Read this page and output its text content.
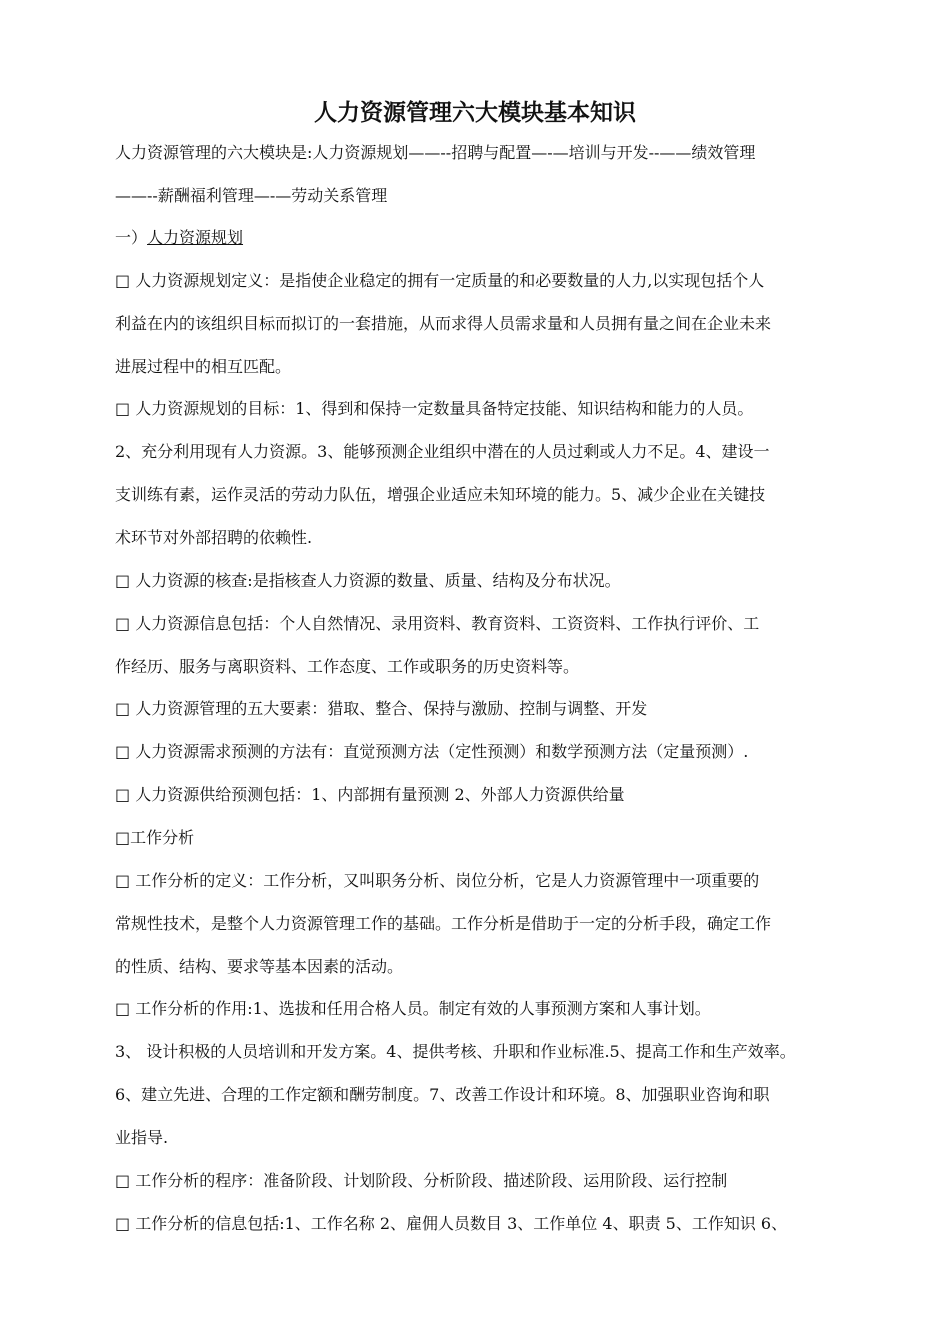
人力资源管理六大模块基本知识

人力资源管理的六大模块是:人力资源规划——--招聘与配置—-—培训与开发--——绩效管理

——--薪酬福利管理—-—劳动关系管理

一）人力资源规划

□ 人力资源规划定义：是指使企业稳定的拥有一定质量的和必要数量的人力,以实现包括个人

利益在内的该组织目标而拟订的一套措施，从而求得人员需求量和人员拥有量之间在企业未来

进展过程中的相互匹配。

□ 人力资源规划的目标：1、得到和保持一定数量具备特定技能、知识结构和能力的人员。

2、充分利用现有人力资源。3、能够预测企业组织中潜在的人员过剩或人力不足。4、建设一

支训练有素，运作灵活的劳动力队伍，增强企业适应未知环境的能力。5、减少企业在关键技

术环节对外部招聘的依赖性.

□ 人力资源的核查:是指核查人力资源的数量、质量、结构及分布状况。

□ 人力资源信息包括：个人自然情况、录用资料、教育资料、工资资料、工作执行评价、工

作经历、服务与离职资料、工作态度、工作或职务的历史资料等。

□ 人力资源管理的五大要素：猎取、整合、保持与激励、控制与调整、开发

□ 人力资源需求预测的方法有：直觉预测方法（定性预测）和数学预测方法（定量预测）.

□ 人力资源供给预测包括：1、内部拥有量预测 2、外部人力资源供给量

□工作分析

□ 工作分析的定义：工作分析，又叫职务分析、岗位分析，它是人力资源管理中一项重要的

常规性技术，是整个人力资源管理工作的基础。工作分析是借助于一定的分析手段，确定工作

的性质、结构、要求等基本因素的活动。

□ 工作分析的作用:1、选拔和任用合格人员。制定有效的人事预测方案和人事计划。

3、 设计积极的人员培训和开发方案。4、提供考核、升职和作业标准.5、提高工作和生产效率。

6、建立先进、合理的工作定额和酬劳制度。7、改善工作设计和环境。8、加强职业咨询和职

业指导.

□ 工作分析的程序：准备阶段、计划阶段、分析阶段、描述阶段、运用阶段、运行控制

□ 工作分析的信息包括:1、工作名称 2、雇佣人员数目 3、工作单位 4、职责 5、工作知识 6、
